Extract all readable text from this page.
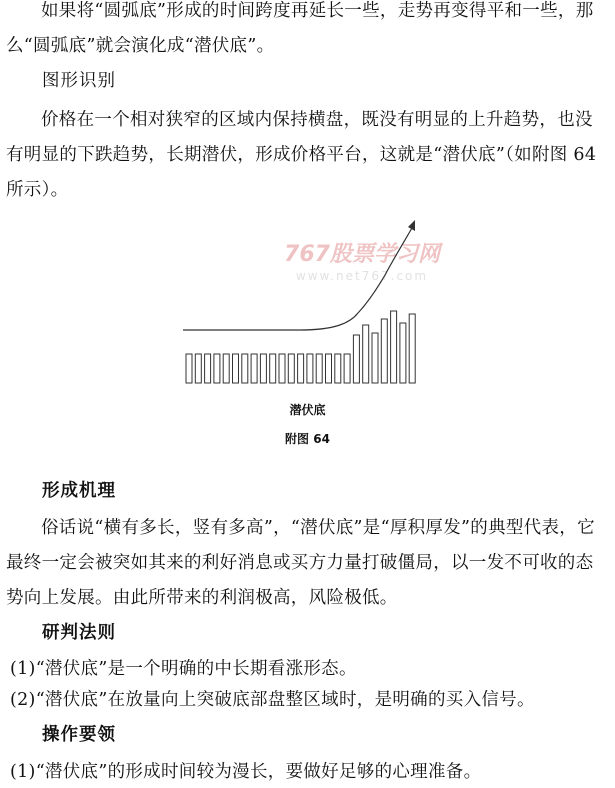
如果将“圆弧底”形成的时间跨度再延长一些，走势再变得平和一些，那么“圆弧底”就会演化成“潜伏底”。

图形识别

价格在一个相对狭窄的区域内保持横盘，既没有明显的上升趋势，也没有明显的下跌趋势，长期潜伏，形成价格平台，这就是“潜伏底”（如附图 64 所示）。

767股票学习网
www.net767.com
潜伏底
附图 64
形成机理

俗话说“横有多长，竖有多高”，“潜伏底”是“厚积厚发”的典型代表，它最终一定会被突如其来的利好消息或买方力量打破僵局，以一发不可收的态势向上发展。由此所带来的利润极高，风险极低。

研判法则

(1)“潜伏底”是一个明确的中长期看涨形态。

(2)“潜伏底”在放量向上突破底部盘整区域时，是明确的买入信号。

操作要领

(1)“潜伏底”的形成时间较为漫长，要做好足够的心理准备。
